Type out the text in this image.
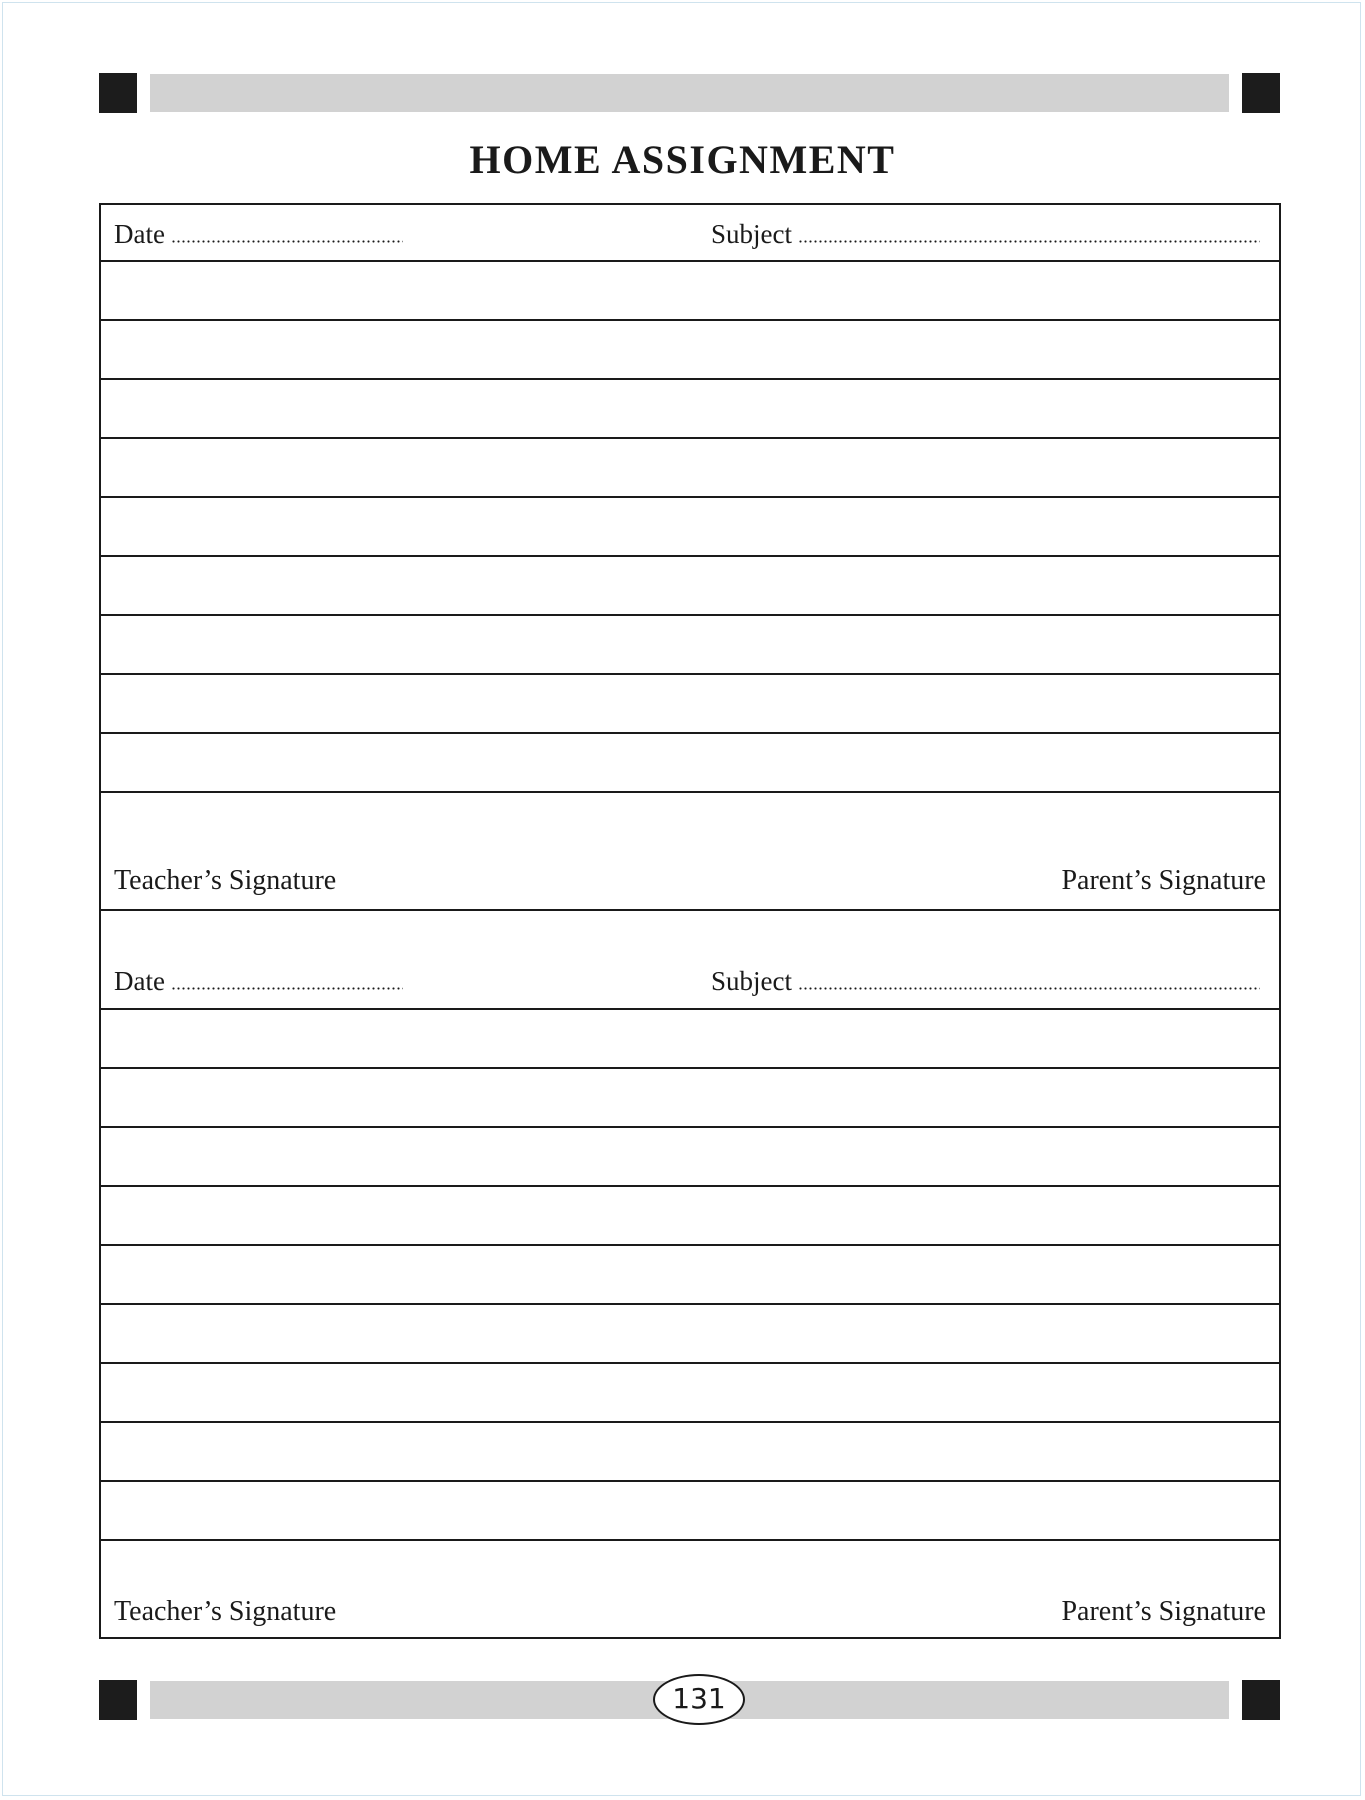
HOME ASSIGNMENT
Date	Subject
Teacher’s Signature	Parent’s Signature
Date	Subject
Teacher’s Signature	Parent’s Signature
131
